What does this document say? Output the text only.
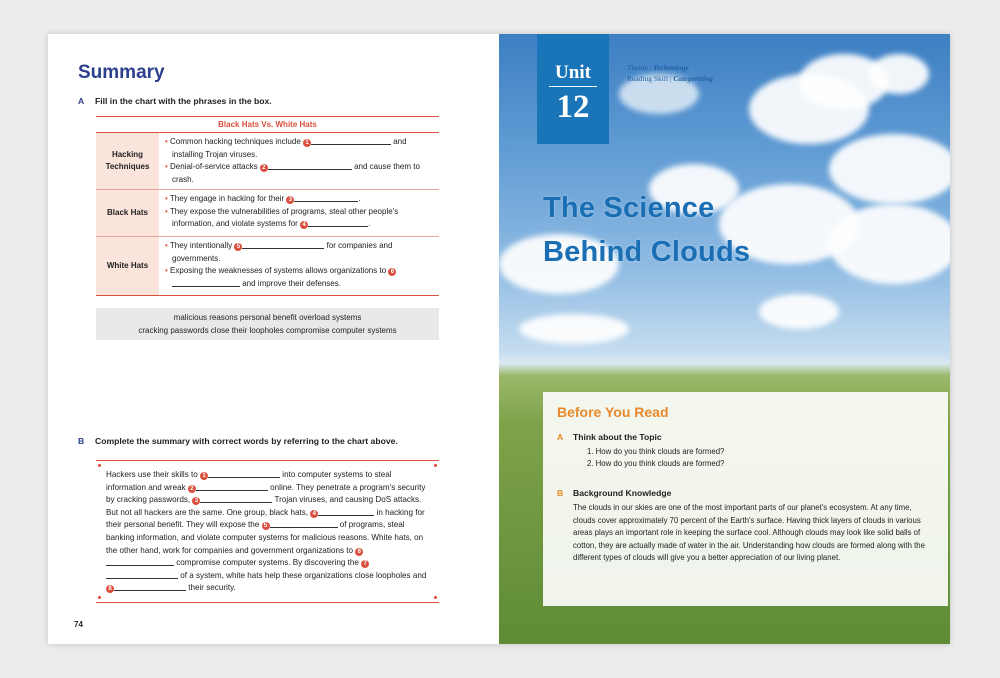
Summary
A Fill in the chart with the phrases in the box.
Black Hats Vs. White Hats
Hacking Techniques
• Common hacking techniques include 1	and installing Trojan viruses.
• Denial-of-service attacks 2	and cause them to crash.
Black Hats
• They engage in hacking for their 3	.
• They expose the vulnerabilities of programs, steal other people's information, and violate systems for 4	.
White Hats
• They intentionally 5	for companies and governments.
• Exposing the weaknesses of systems allows organizations to 6 and improve their defenses.
malicious reasons personal benefit overload systems
cracking passwords close their loopholes compromise computer systems
B Complete the summary with correct words by referring to the chart above.
Hackers use their skills to 1	into computer systems to steal information and wreak 2	online. They penetrate a program's security by cracking passwords, 3	Trojan viruses, and causing DoS attacks. But not all hackers are the same. One group, black hats, 4	in hacking for their personal benefit. They will expose the 5	of programs, steal banking information, and violate computer systems for malicious reasons. White hats, on the other hand, work for companies and government organizations to 6 compromise computer systems. By discovering the 7 of a system, white hats help these organizations close loopholes and 8	their security.
74
Unit
12
Theme | Technology
Reading Skill | Categorizing
The Science
Behind Clouds
Before You Read
A Think about the Topic
1. How do you think clouds are formed?
2. How do you think clouds are formed?
B Background Knowledge
The clouds in our skies are one of the most important parts of our planet's ecosystem. At any time, clouds cover approximately 70 percent of the Earth's surface. Having thick layers of clouds in various areas plays an important role in keeping the surface cool. Although clouds may look like solid balls of cotton, they are actually made of water in the air. Understanding how clouds are formed along with the different types of clouds will give you a better appreciation of our living planet.
